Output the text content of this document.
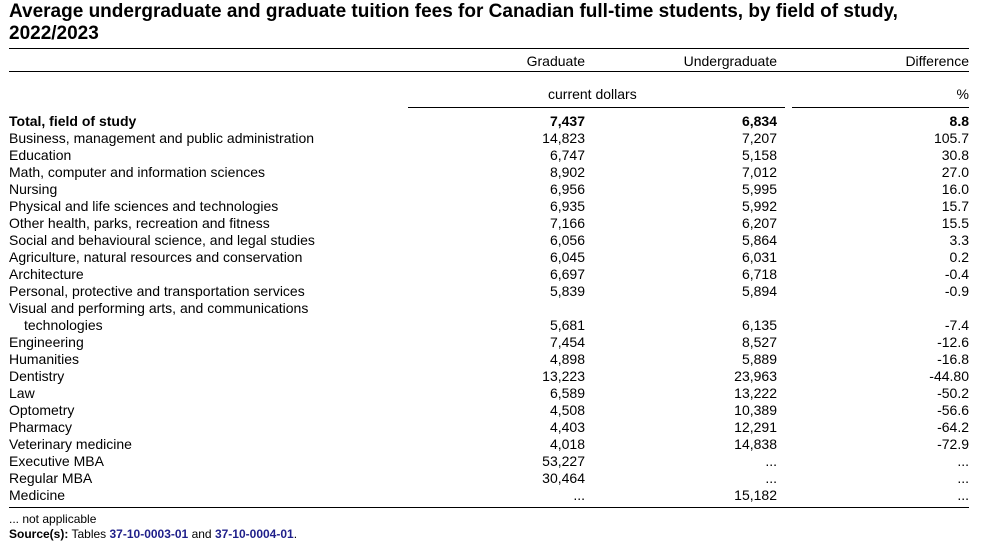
Average undergraduate and graduate tuition fees for Canadian full-time students, by field of study, 2022/2023
Graduate	Undergraduate	Difference
current dollars	%
Total, field of study	7,437	6,834	8.8
Business, management and public administration	14,823	7,207	105.7
Education	6,747	5,158	30.8
Math, computer and information sciences	8,902	7,012	27.0
Nursing	6,956	5,995	16.0
Physical and life sciences and technologies	6,935	5,992	15.7
Other health, parks, recreation and fitness	7,166	6,207	15.5
Social and behavioural science, and legal studies	6,056	5,864	3.3
Agriculture, natural resources and conservation	6,045	6,031	0.2
Architecture	6,697	6,718	-0.4
Personal, protective and transportation services	5,839	5,894	-0.9
Visual and performing arts, and communications
technologies	5,681	6,135	-7.4
Engineering	7,454	8,527	-12.6
Humanities	4,898	5,889	-16.8
Dentistry	13,223	23,963	-44.80
Law	6,589	13,222	-50.2
Optometry	4,508	10,389	-56.6
Pharmacy	4,403	12,291	-64.2
Veterinary medicine	4,018	14,838	-72.9
Executive MBA	53,227	...	...
Regular MBA	30,464	...	...
Medicine	...	15,182	...
... not applicable
Source(s): Tables 37-10-0003-01 and 37-10-0004-01.
